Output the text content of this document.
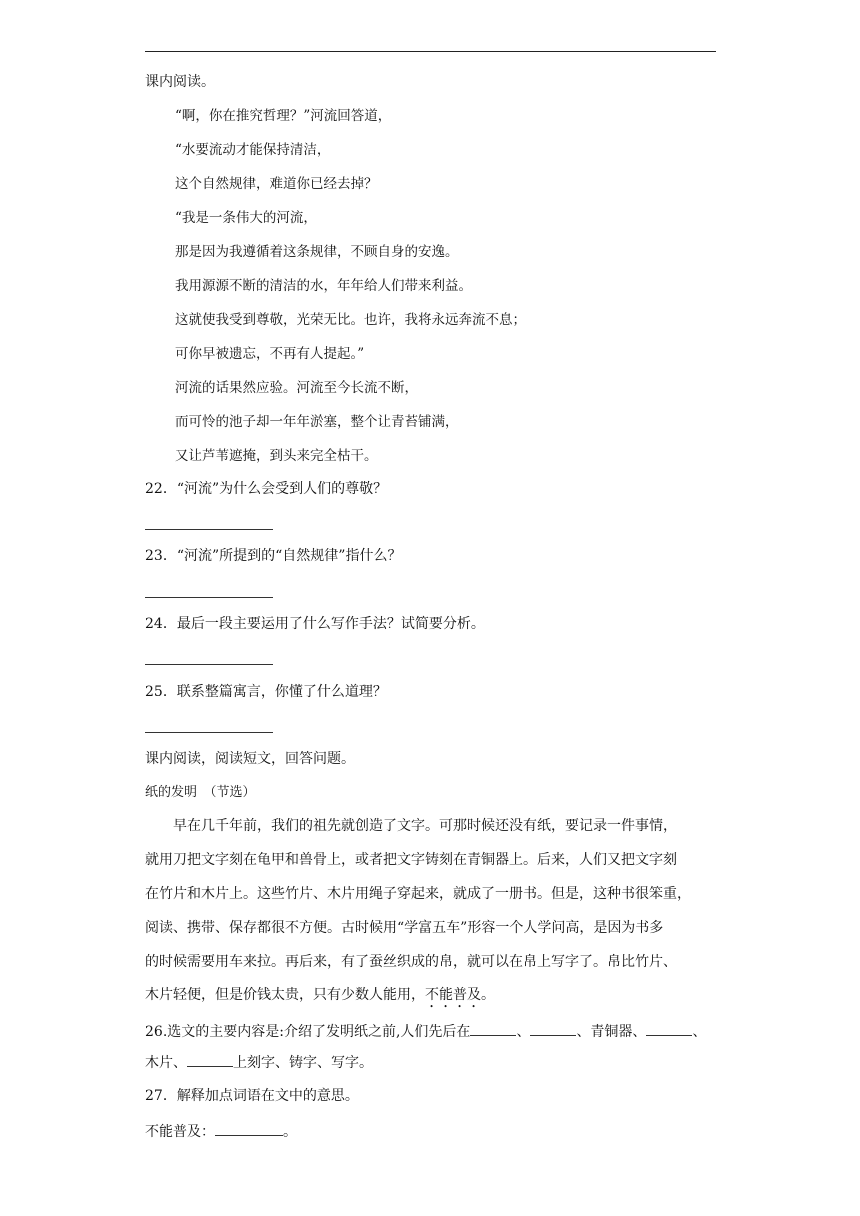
课内阅读。
“啊，你在推究哲理？”河流回答道，
“水要流动才能保持清洁，
这个自然规律，难道你已经去掉？
“我是一条伟大的河流，
那是因为我遵循着这条规律，不顾自身的安逸。
我用源源不断的清洁的水，年年给人们带来利益。
这就使我受到尊敬，光荣无比。也许，我将永远奔流不息；
可你早被遗忘，不再有人提起。”
河流的话果然应验。河流至今长流不断，
而可怜的池子却一年年淤塞，整个让青苔铺满，
又让芦苇遮掩，到头来完全枯干。
22．“河流”为什么会受到人们的尊敬？
23．“河流”所提到的“自然规律”指什么？
24．最后一段主要运用了什么写作手法？试简要分析。
25．联系整篇寓言，你懂了什么道理？
课内阅读，阅读短文，回答问题。
纸的发明　（节选）
　　早在几千年前，我们的祖先就创造了文字。可那时候还没有纸，要记录一件事情，
就用刀把文字刻在龟甲和兽骨上，或者把文字铸刻在青铜器上。后来，人们又把文字刻
在竹片和木片上。这些竹片、木片用绳子穿起来，就成了一册书。但是，这种书很笨重，
阅读、携带、保存都很不方便。古时候用“学富五车”形容一个人学问高，是因为书多
的时候需要用车来拉。再后来，有了蚕丝织成的帛，就可以在帛上写字了。帛比竹片、
木片轻便，但是价钱太贵，只有少数人能用，不能普及。
26.选文的主要内容是:介绍了发明纸之前,人们先后在	、	、青铜器、	、
木片、	上刻字、铸字、写字。
27．解释加点词语在文中的意思。
不能普及：	。
